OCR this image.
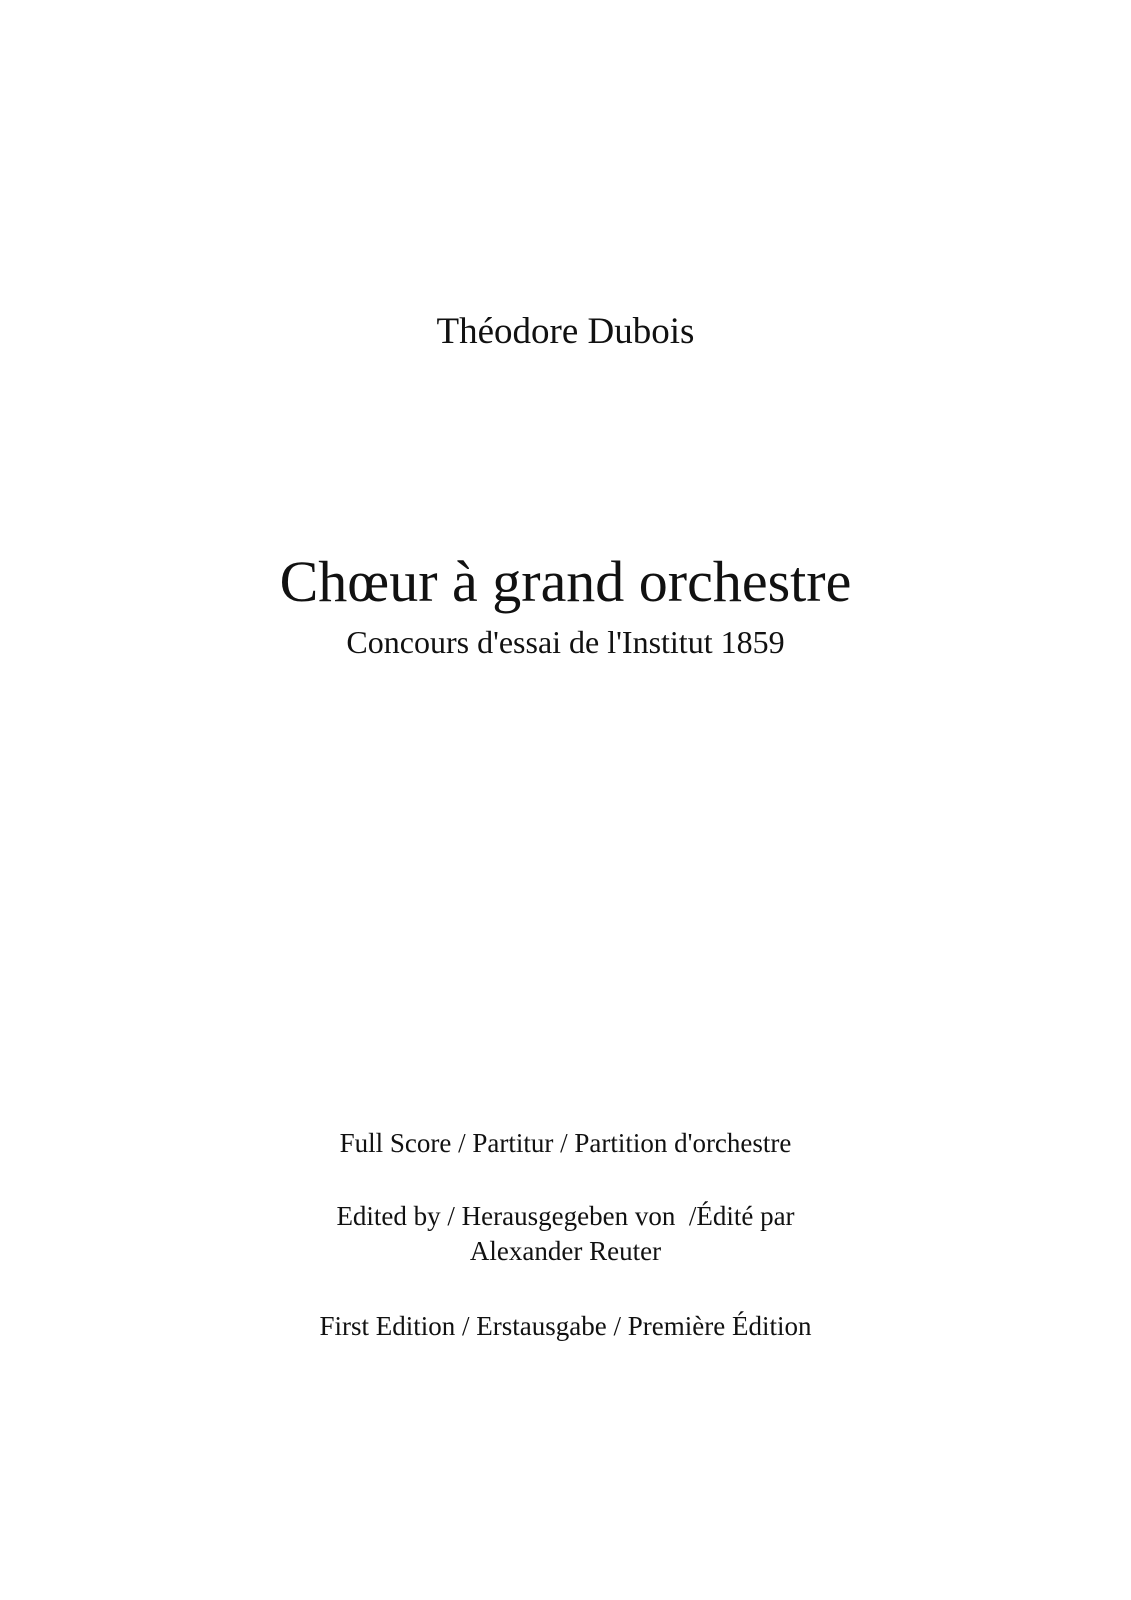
Théodore Dubois
Chœur à grand orchestre
Concours d'essai de l'Institut 1859
Full Score / Partitur / Partition d'orchestre
Edited by / Herausgegeben von  /Édité par
Alexander Reuter
First Edition / Erstausgabe / Première Édition
